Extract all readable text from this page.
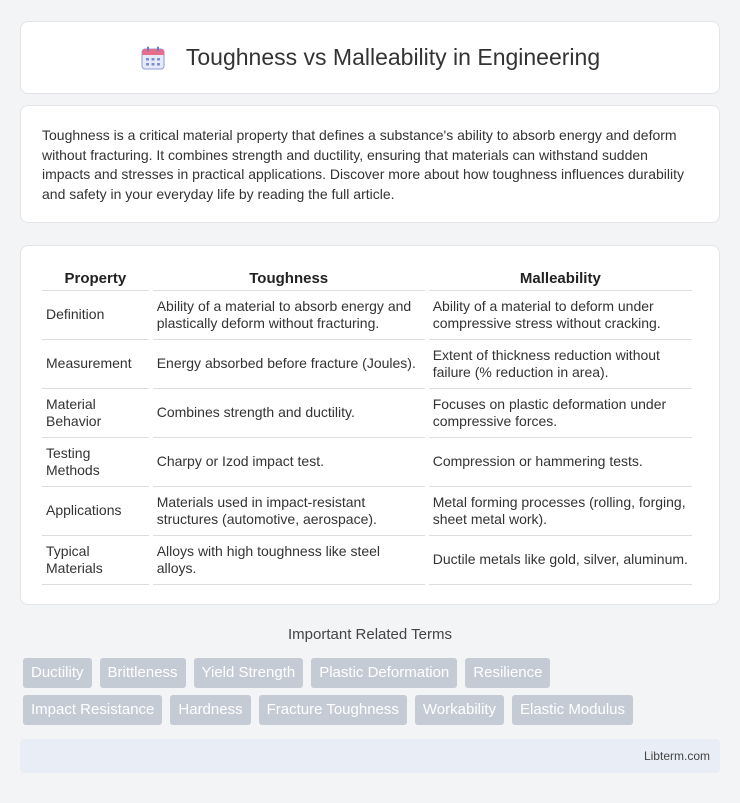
Toughness vs Malleability in Engineering

Toughness is a critical material property that defines a substance's ability to absorb energy and deform without fracturing. It combines strength and ductility, ensuring that materials can withstand sudden impacts and stresses in practical applications. Discover more about how toughness influences durability and safety in your everyday life by reading the full article.

Property	Toughness	Malleability
Definition	Ability of a material to absorb energy and plastically deform without fracturing.	Ability of a material to deform under compressive stress without cracking.
Measurement	Energy absorbed before fracture (Joules).	Extent of thickness reduction without failure (% reduction in area).
Material Behavior	Combines strength and ductility.	Focuses on plastic deformation under compressive forces.
Testing Methods	Charpy or Izod impact test.	Compression or hammering tests.
Applications	Materials used in impact-resistant structures (automotive, aerospace).	Metal forming processes (rolling, forging, sheet metal work).
Typical Materials	Alloys with high toughness like steel alloys.	Ductile metals like gold, silver, aluminum.
Important Related Terms
Ductility	Brittleness	Yield Strength	Plastic Deformation	Resilience
Impact Resistance	Hardness	Fracture Toughness	Workability	Elastic Modulus
Libterm.com
